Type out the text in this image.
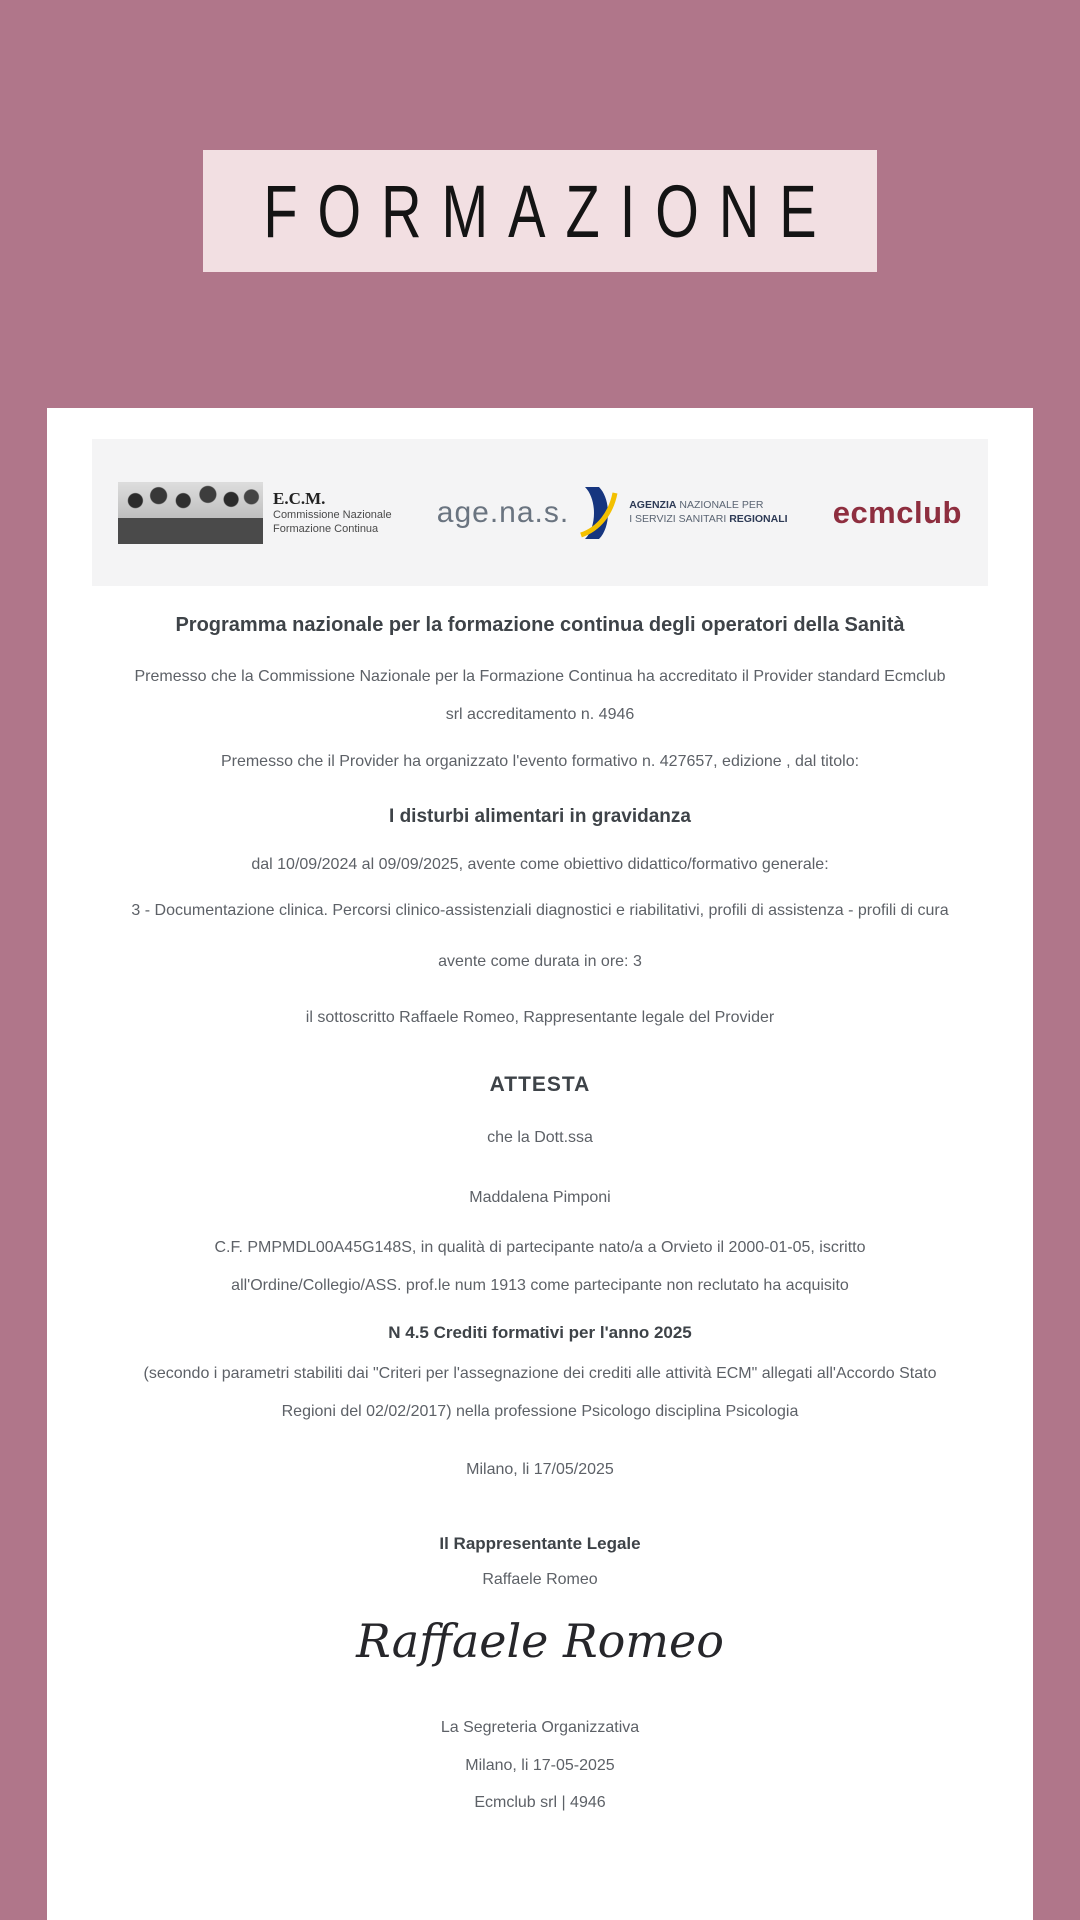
FORMAZIONE
E.C.M.
Commissione Nazionale
Formazione Continua
age.na.s.	AGENZIA NAZIONALE PER
I SERVIZI SANITARI REGIONALI ecmclub
Programma nazionale per la formazione continua degli operatori della Sanità
Premesso che la Commissione Nazionale per la Formazione Continua ha accreditato il Provider standard Ecmclub
srl accreditamento n. 4946
Premesso che il Provider ha organizzato l'evento formativo n. 427657, edizione , dal titolo:
I disturbi alimentari in gravidanza
dal 10/09/2024 al 09/09/2025, avente come obiettivo didattico/formativo generale:
3 - Documentazione clinica. Percorsi clinico-assistenziali diagnostici e riabilitativi, profili di assistenza - profili di cura
avente come durata in ore: 3
il sottoscritto Raffaele Romeo, Rappresentante legale del Provider
ATTESTA
che la Dott.ssa
Maddalena Pimponi
C.F. PMPMDL00A45G148S, in qualità di partecipante nato/a a Orvieto il 2000-01-05, iscritto
all'Ordine/Collegio/ASS. prof.le num 1913 come partecipante non reclutato ha acquisito
N 4.5 Crediti formativi per l'anno 2025
(secondo i parametri stabiliti dai "Criteri per l'assegnazione dei crediti alle attività ECM" allegati all'Accordo Stato
Regioni del 02/02/2017) nella professione Psicologo disciplina Psicologia
Milano, li 17/05/2025
Il Rappresentante Legale
Raffaele Romeo
Raffaele Romeo
La Segreteria Organizzativa
Milano, li 17-05-2025
Ecmclub srl | 4946
